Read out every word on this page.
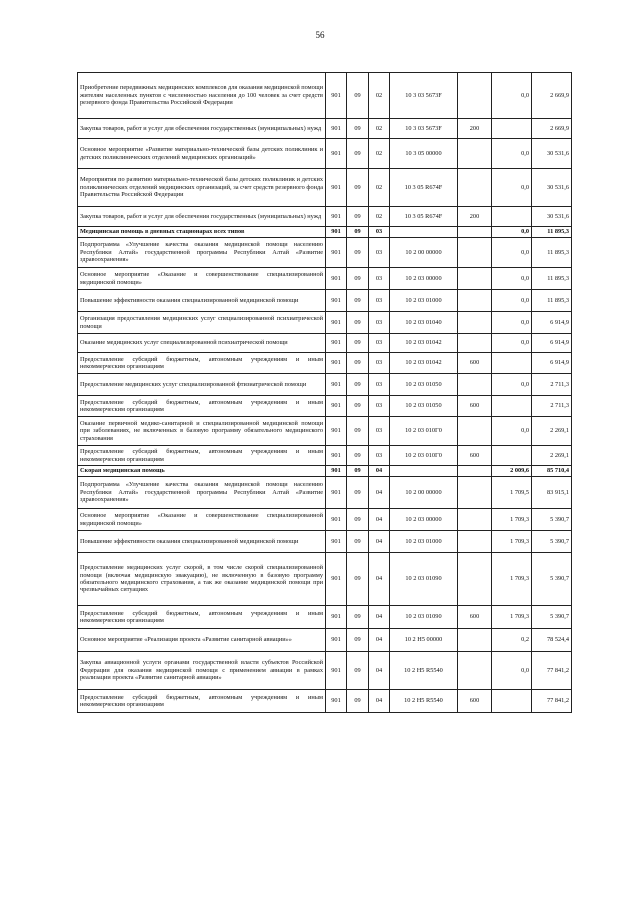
56
Приобретение передвижных медицинских комплексов для оказания медицинской помощи жителям населенных пунктов с численностью населения до 100 человек за счет средств резервного фонда Правительства Российской Федерации	901	09	02	10 3 03 5673F		0,0	2 669,9
Закупка товаров, работ и услуг для обеспечения государственных (муниципальных) нужд	901	09	02	10 3 03 5673F	200		2 669,9
Основное мероприятие «Развитие материально-технической базы детских поликлиник и детских поликлинических отделений медицинских организаций»	901	09	02	10 3 05 00000		0,0	30 531,6
Мероприятия по развитию материально-технической базы детских поликлиник и детских поликлинических отделений медицинских организаций, за счет средств резервного фонда Правительства Российской Федерации	901	09	02	10 3 05 R674F		0,0	30 531,6
Закупка товаров, работ и услуг для обеспечения государственных (муниципальных) нужд	901	09	02	10 3 05 R674F	200		30 531,6
Медицинская помощь в дневных стационарах всех типов	901	09	03			0,0	11 895,3
Подпрограмма «Улучшение качества оказания медицинской помощи населению Республики Алтай» государственной программы Республики Алтай «Развитие здравоохранения»	901	09	03	10 2 00 00000		0,0	11 895,3
Основное мероприятие «Оказание и совершенствование специализированной медицинской помощи»	901	09	03	10 2 03 00000		0,0	11 895,3
Повышение эффективности оказания специализированной медицинской помощи	901	09	03	10 2 03 01000		0,0	11 895,3
Организация предоставления медицинских услуг специализированной психиатрической помощи	901	09	03	10 2 03 01040		0,0	6 914,9
Оказание медицинских услуг специализированной психиатрической помощи	901	09	03	10 2 03 01042		0,0	6 914,9
Предоставление субсидий бюджетным, автономным учреждениям и иным некоммерческим организациям	901	09	03	10 2 03 01042	600		6 914,9
Предоставление медицинских услуг специализированной фтизиатрической помощи	901	09	03	10 2 03 01050		0,0	2 711,3
Предоставление субсидий бюджетным, автономным учреждениям и иным некоммерческим организациям	901	09	03	10 2 03 01050	600		2 711,3
Оказание первичной медико-санитарной и специализированной медицинской помощи при заболеваниях, не включенных в базовую программу обязательного медицинского страхования	901	09	03	10 2 03 010Г0		0,0	2 269,1
Предоставление субсидий бюджетным, автономным учреждениям и иным некоммерческим организациям	901	09	03	10 2 03 010Г0	600		2 269,1
Скорая медицинская помощь	901	09	04			2 009,6	85 710,4
Подпрограмма «Улучшение качества оказания медицинской помощи населению Республики Алтай» государственной программы Республики Алтай «Развитие здравоохранения»	901	09	04	10 2 00 00000		1 709,5	83 915,1
Основное мероприятие «Оказание и совершенствование специализированной медицинской помощи»	901	09	04	10 2 03 00000		1 709,3	5 390,7
Повышение эффективности оказания специализированной медицинской помощи	901	09	04	10 2 03 01000		1 709,3	5 390,7
Предоставление медицинских услуг скорой, в том числе скорой специализированной помощи (включая медицинскую эвакуацию), не включенную в базовую программу обязательного медицинского страхования, а так же оказание медицинской помощи при чрезвычайных ситуациях	901	09	04	10 2 03 01090		1 709,3	5 390,7
Предоставление субсидий бюджетным, автономным учреждениям и иным некоммерческим организациям	901	09	04	10 2 03 01090	600	1 709,3	5 390,7
Основное мероприятие «Реализация проекта «Развитие санитарной авиации»»	901	09	04	10 2 Н5 00000		0,2	78 524,4
Закупка авиационной услуги органами государственной власти субъектов Российской Федерации для оказания медицинской помощи с применением авиации в рамках реализации проекта «Развитие санитарной авиации»	901	09	04	10 2 Н5 R5540		0,0	77 841,2
Предоставление субсидий бюджетным, автономным учреждениям и иным некоммерческим организациям	901	09	04	10 2 Н5 R5540	600		77 841,2
